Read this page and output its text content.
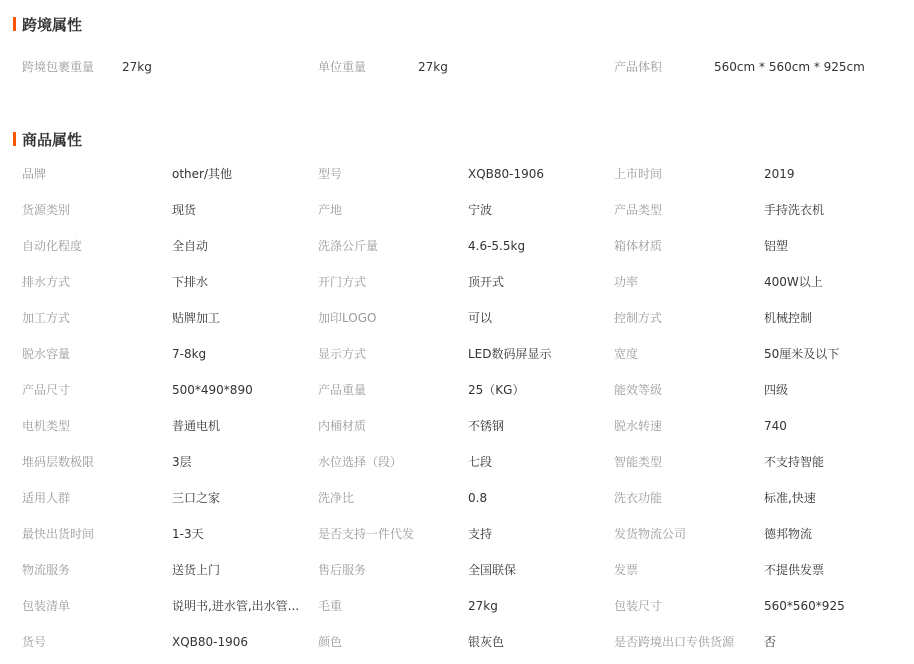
跨境属性
跨境包裹重量 27kg	单位重量	27kg	产品体积	560cm * 560cm * 925cm
商品属性
品牌	other/其他	型号	XQB80-1906	上市时间	2019
货源类别	现货	产地	宁波	产品类型	手持洗衣机
自动化程度	全自动	洗涤公斤量	4.6-5.5kg	箱体材质	铝塑
排水方式	下排水	开门方式	顶开式	功率	400W以上
加工方式	贴牌加工	加印LOGO	可以	控制方式	机械控制
脱水容量	7-8kg	显示方式	LED数码屏显示	宽度	50厘米及以下
产品尺寸	500*490*890	产品重量	25（KG）	能效等级	四级
电机类型	普通电机	内桶材质	不锈钢	脱水转速	740
堆码层数极限	3层	水位选择（段）	七段	智能类型	不支持智能
适用人群	三口之家	洗净比	0.8	洗衣功能	标准,快速
最快出货时间	1-3天	是否支持一件代发	支持	发货物流公司	德邦物流
物流服务	送货上门	售后服务	全国联保	发票	不提供发票
包装清单	说明书,进水管,出水管... 毛重	27kg	包装尺寸	560*560*925
货号	XQB80-1906	颜色	银灰色	是否跨境出口专供货源 否
